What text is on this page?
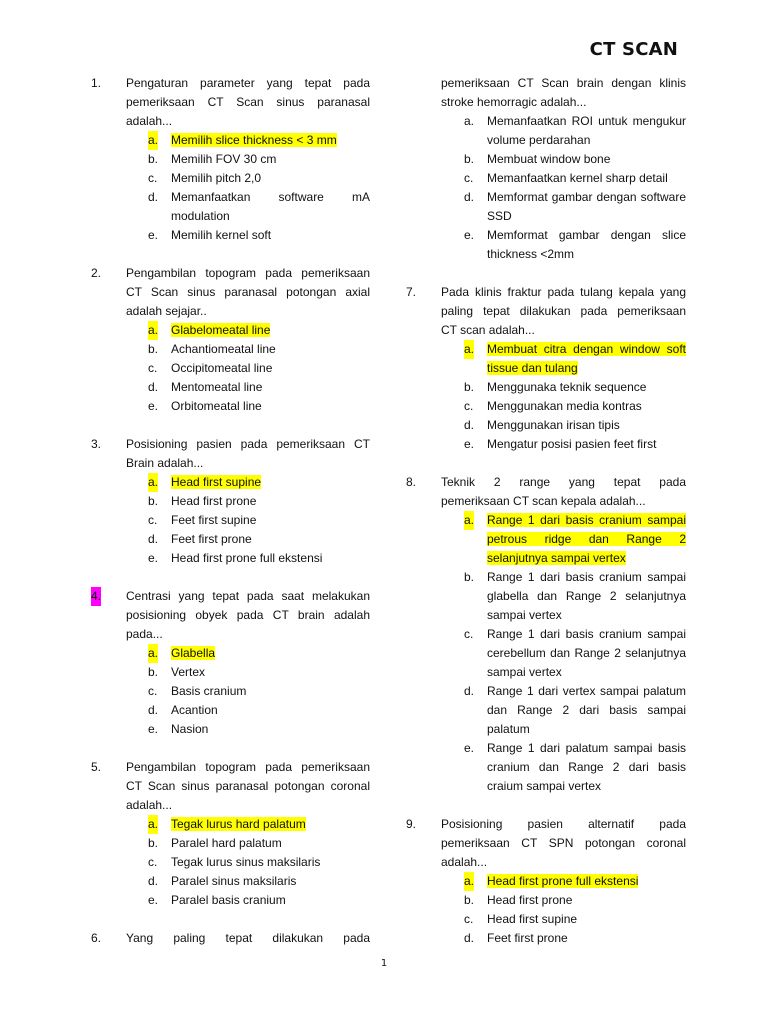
CT SCAN
1. Pengaturan parameter yang tepat pada
pemeriksaan CT Scan sinus paranasal
adalah...
a. Memilih slice thickness < 3 mm
b. Memilih FOV 30 cm
c. Memilih pitch 2,0
d. Memanfaatkan software mA modulation
e. Memilih kernel soft
2. Pengambilan topogram pada pemeriksaan
CT Scan sinus paranasal potongan axial
adalah sejajar..
a. Glabelomeatal line
b. Achantiomeatal line
c. Occipitomeatal line
d. Mentomeatal line
e. Orbitomeatal line
3. Posisioning pasien pada pemeriksaan CT
Brain adalah...
a. Head first supine
b. Head first prone
c. Feet first supine
d. Feet first prone
e. Head first prone full ekstensi
4. Centrasi yang tepat pada saat melakukan
posisioning obyek pada CT brain adalah
pada...
a. Glabella
b. Vertex
c. Basis cranium
d. Acantion
e. Nasion
5. Pengambilan topogram pada pemeriksaan
CT Scan sinus paranasal potongan coronal
adalah...
a. Tegak lurus hard palatum
b. Paralel hard palatum
c. Tegak lurus sinus maksilaris
d. Paralel sinus maksilaris
e. Paralel basis cranium
6. Yang paling tepat dilakukan pada
pemeriksaan CT Scan brain dengan klinis
stroke hemorragic adalah...
a. Memanfaatkan ROI untuk mengukur volume perdarahan
b. Membuat window bone
c. Memanfaatkan kernel sharp detail
d. Memformat gambar dengan software SSD
e. Memformat gambar dengan slice thickness <2mm
7. Pada klinis fraktur pada tulang kepala yang
paling tepat dilakukan pada pemeriksaan
CT scan adalah...
a. Membuat citra dengan window soft tissue dan tulang
b. Menggunaka teknik sequence
c. Menggunakan media kontras
d. Menggunakan irisan tipis
e. Mengatur posisi pasien feet first
8. Teknik 2 range yang tepat pada
pemeriksaan CT scan kepala adalah...
a. Range 1 dari basis cranium sampai petrous ridge dan Range 2 selanjutnya sampai vertex
b. Range 1 dari basis cranium sampai glabella dan Range 2 selanjutnya sampai vertex
c. Range 1 dari basis cranium sampai cerebellum dan Range 2 selanjutnya sampai vertex
d. Range 1 dari vertex sampai palatum dan Range 2 dari basis sampai palatum
e. Range 1 dari palatum sampai basis cranium dan Range 2 dari basis craium sampai vertex
9. Posisioning pasien alternatif pada
pemeriksaan CT SPN potongan coronal
adalah...
a. Head first prone full ekstensi
b. Head first prone
c. Head first supine
d. Feet first prone
1
